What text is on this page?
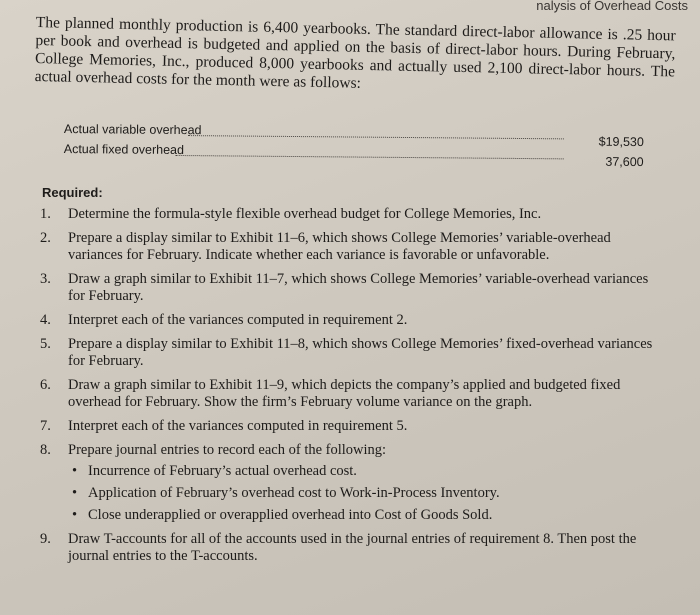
nalysis of Overhead Costs

The planned monthly production is 6,400 yearbooks. The standard direct-labor allowance is .25 hour per book and overhead is budgeted and applied on the basis of direct-labor hours. During February, College Memories, Inc., produced 8,000 yearbooks and actually used 2,100 direct-labor hours. The actual overhead costs for the month were as follows:

Actual variable overhead
$19,530
Actual fixed overhead
37,600
Required:
1. Determine the formula-style flexible overhead budget for College Memories, Inc.
2. Prepare a display similar to Exhibit 11–6, which shows College Memories’ variable-overhead variances for February. Indicate whether each variance is favorable or unfavorable.
3. Draw a graph similar to Exhibit 11–7, which shows College Memories’ variable-overhead variances for February.
4. Interpret each of the variances computed in requirement 2.
5. Prepare a display similar to Exhibit 11–8, which shows College Memories’ fixed-overhead variances for February.
6. Draw a graph similar to Exhibit 11–9, which depicts the company’s applied and budgeted fixed overhead for February. Show the firm’s February volume variance on the graph.
7. Interpret each of the variances computed in requirement 5.
8. Prepare journal entries to record each of the following:
• Incurrence of February’s actual overhead cost.
• Application of February’s overhead cost to Work-in-Process Inventory.
• Close underapplied or overapplied overhead into Cost of Goods Sold.
9. Draw T-accounts for all of the accounts used in the journal entries of requirement 8. Then post the journal entries to the T-accounts.
